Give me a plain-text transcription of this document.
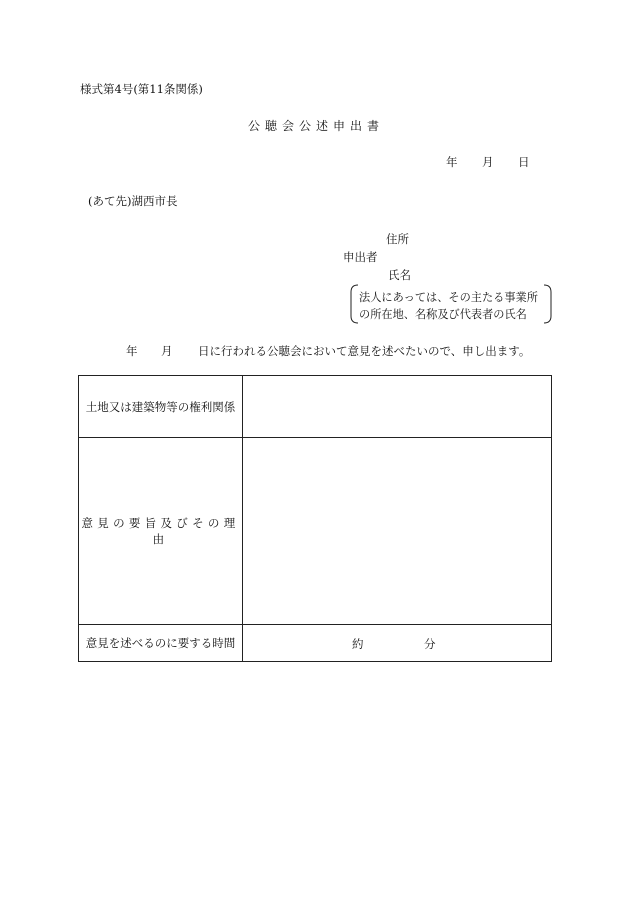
様式第4号(第11条関係)
公聴会公述申出書
年 月 日
(あて先)湖西市長
住所
申出者
氏名
法人にあっては、その主たる事業所
の所在地、名称及び代表者の氏名
年 月 日に行われる公聴会において意見を述べたいので、申し出ます。
土地又は建築物等の権利関係	
意見の要旨及びその理由	
意見を述べるのに要する時間	約 分
